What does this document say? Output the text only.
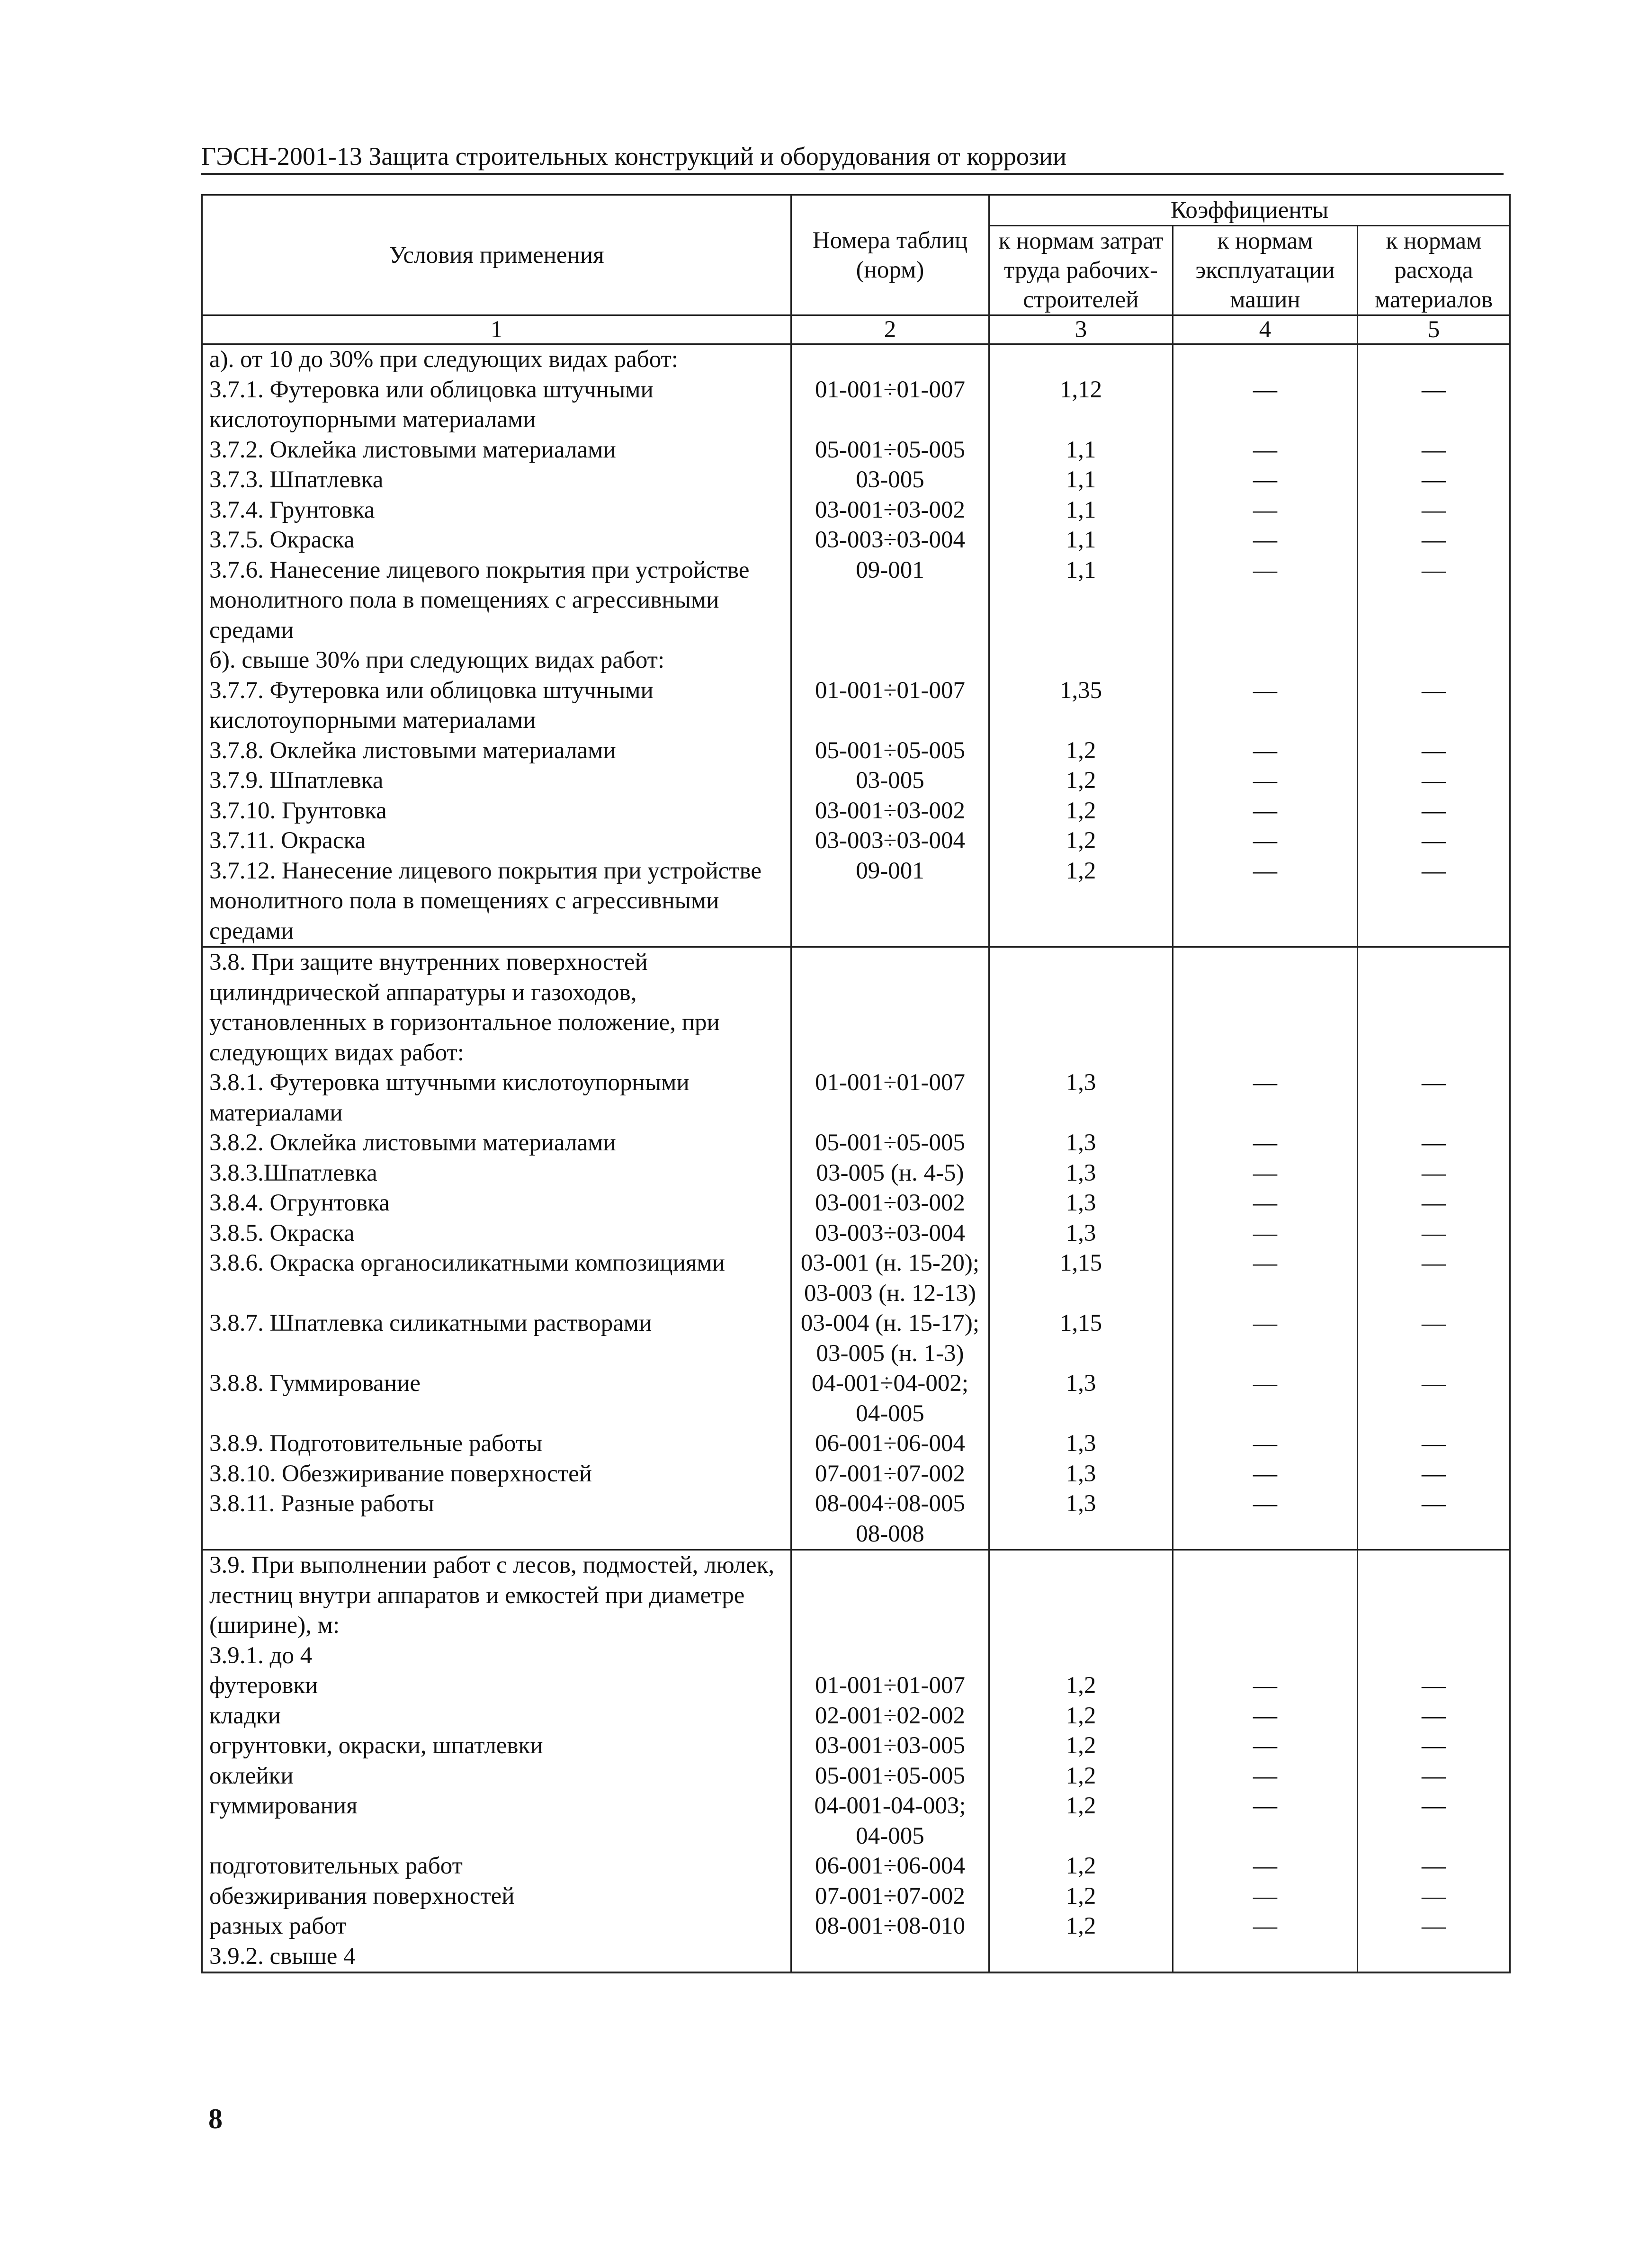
ГЭСН-2001-13 Защита строительных конструкций и оборудования от коррозии
Условия применения	Номера таблиц (норм)	Коэффициенты		
		к нормам затрат труда рабочих-строителей	к нормам эксплуатации машин	к нормам расхода материалов
1	2	3	4	5
а). от 10 до 30% при следующих видах работ:				
3.7.1. Футеровка или облицовка штучными кислотоупорными материалами	01-001÷01-007	1,12	—	—
3.7.2. Оклейка листовыми материалами	05-001÷05-005	1,1	—	—
3.7.3. Шпатлевка	03-005	1,1	—	—
3.7.4. Грунтовка	03-001÷03-002	1,1	—	—
3.7.5. Окраска	03-003÷03-004	1,1	—	—
3.7.6. Нанесение лицевого покрытия при устройстве монолитного пола в помещениях с агрессивными средами	09-001	1,1	—	—
б). свыше 30% при следующих видах работ:				
3.7.7. Футеровка или облицовка штучными кислотоупорными материалами	01-001÷01-007	1,35	—	—
3.7.8. Оклейка листовыми материалами	05-001÷05-005	1,2	—	—
3.7.9. Шпатлевка	03-005	1,2	—	—
3.7.10. Грунтовка	03-001÷03-002	1,2	—	—
3.7.11. Окраска	03-003÷03-004	1,2	—	—
3.7.12. Нанесение лицевого покрытия при устройстве монолитного пола в помещениях с агрессивными средами	09-001	1,2	—	—
3.8. При защите внутренних поверхностей цилиндрической аппаратуры и газоходов, установленных в горизонтальное положение, при следующих видах работ:				
3.8.1. Футеровка штучными кислотоупорными материалами	01-001÷01-007	1,3	—	—
3.8.2. Оклейка листовыми материалами	05-001÷05-005	1,3	—	—
3.8.3.Шпатлевка	03-005 (н. 4-5)	1,3	—	—
3.8.4. Огрунтовка	03-001÷03-002	1,3	—	—
3.8.5. Окраска	03-003÷03-004	1,3	—	—
3.8.6. Окраска органосиликатными композициями	03-001 (н. 15-20); 03-003 (н. 12-13)	1,15	—	—
3.8.7. Шпатлевка силикатными растворами	03-004 (н. 15-17); 03-005 (н. 1-3)	1,15	—	—
3.8.8. Гуммирование	04-001÷04-002; 04-005	1,3	—	—
3.8.9. Подготовительные работы	06-001÷06-004	1,3	—	—
3.8.10. Обезжиривание поверхностей	07-001÷07-002	1,3	—	—
3.8.11. Разные работы	08-004÷08-005 08-008	1,3	—	—
3.9. При выполнении работ с лесов, подмостей, люлек, лестниц внутри аппаратов и емкостей при диаметре (ширине), м:				
3.9.1. до 4				
футеровки	01-001÷01-007	1,2	—	—
кладки	02-001÷02-002	1,2	—	—
огрунтовки, окраски, шпатлевки	03-001÷03-005	1,2	—	—
оклейки	05-001÷05-005	1,2	—	—
гуммирования	04-001-04-003; 04-005	1,2	—	—
подготовительных работ	06-001÷06-004	1,2	—	—
обезжиривания поверхностей	07-001÷07-002	1,2	—	—
разных работ	08-001÷08-010	1,2	—	—
3.9.2. свыше 4				
8
